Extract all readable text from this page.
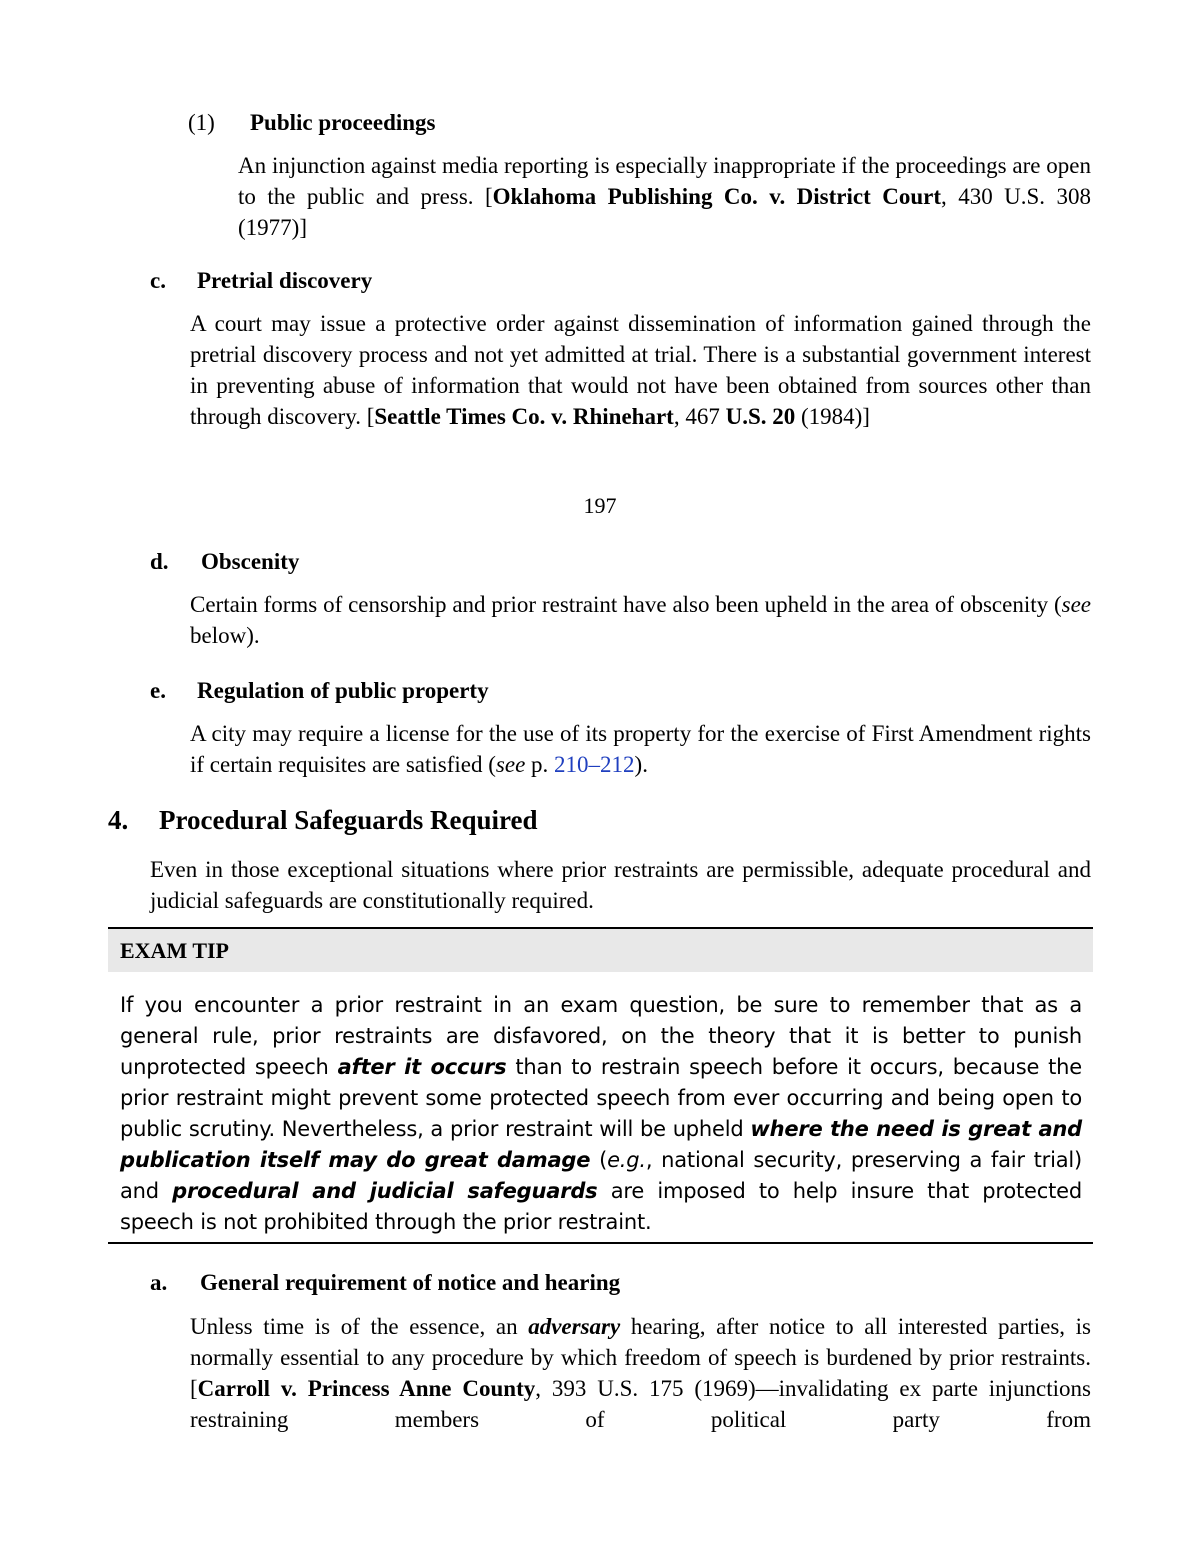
(1) Public proceedings
An injunction against media reporting is especially inappropriate if the proceedings are open to the public and press. [Oklahoma Publishing Co. v. District Court, 430 U.S. 308 (1977)]
c. Pretrial discovery
A court may issue a protective order against dissemination of information gained through the pretrial discovery process and not yet admitted at trial. There is a substantial government interest in preventing abuse of information that would not have been obtained from sources other than through discovery. [Seattle Times Co. v. Rhinehart, 467 U.S. 20 (1984)]
197
d. Obscenity
Certain forms of censorship and prior restraint have also been upheld in the area of obscenity (see below).
e. Regulation of public property
A city may require a license for the use of its property for the exercise of First Amendment rights if certain requisites are satisfied (see p. 210–212).
4. Procedural Safeguards Required
Even in those exceptional situations where prior restraints are permissible, adequate procedural and judicial safeguards are constitutionally required.
EXAM TIP
If you encounter a prior restraint in an exam question, be sure to remember that as a general rule, prior restraints are disfavored, on the theory that it is better to punish unprotected speech after it occurs than to restrain speech before it occurs, because the prior restraint might prevent some protected speech from ever occurring and being open to public scrutiny. Nevertheless, a prior restraint will be upheld where the need is great and publication itself may do great damage (e.g., national security, preserving a fair trial) and procedural and judicial safeguards are imposed to help insure that protected speech is not prohibited through the prior restraint.
a. General requirement of notice and hearing
Unless time is of the essence, an adversary hearing, after notice to all interested parties, is normally essential to any procedure by which freedom of speech is burdened by prior restraints. [Carroll v. Princess Anne County, 393 U.S. 175 (1969)—invalidating ex parte injunctions restraining members of political party from
